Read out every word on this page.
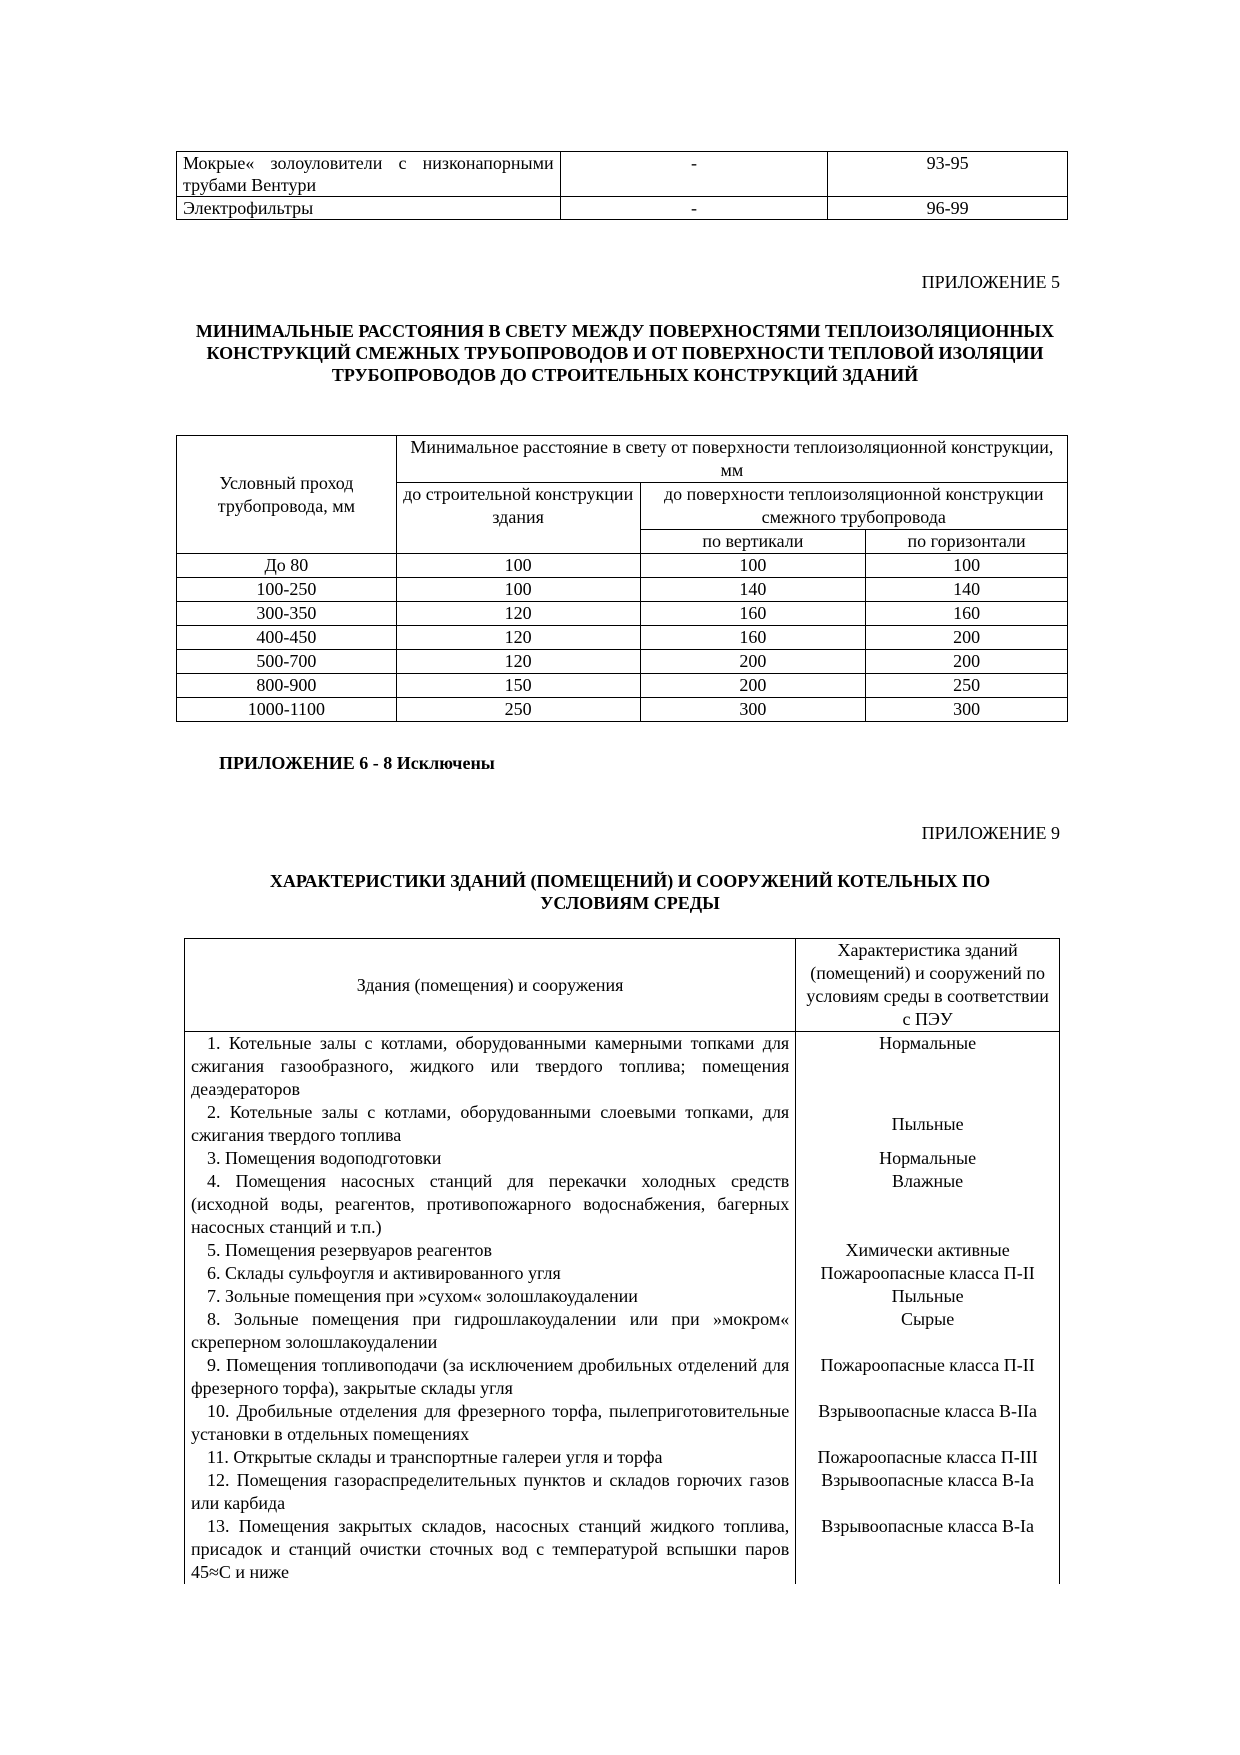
Мокрые« золоуловители с низконапорными трубами Вентури	-	93-95
Электрофильтры	-	96-99
ПРИЛОЖЕНИЕ 5
МИНИМАЛЬНЫЕ РАССТОЯНИЯ В СВЕТУ МЕЖДУ ПОВЕРХНОСТЯМИ ТЕПЛОИЗОЛЯЦИОННЫХ КОНСТРУКЦИЙ СМЕЖНЫХ ТРУБОПРОВОДОВ И ОТ ПОВЕРХНОСТИ ТЕПЛОВОЙ ИЗОЛЯЦИИ ТРУБОПРОВОДОВ ДО СТРОИТЕЛЬНЫХ КОНСТРУКЦИЙ ЗДАНИЙ
Условный проход трубопровода, мм	Минимальное расстояние в свету от поверхности теплоизоляционной конструкции, мм		
	до строительной конструкции здания	до поверхности теплоизоляционной конструкции смежного трубопровода	
		по вертикали	по горизонтали
До 80	100	100	100
100-250	100	140	140
300-350	120	160	160
400-450	120	160	200
500-700	120	200	200
800-900	150	200	250
1000-1100	250	300	300
ПРИЛОЖЕНИЕ 6 - 8 Исключены
ПРИЛОЖЕНИЕ 9
ХАРАКТЕРИСТИКИ ЗДАНИЙ (ПОМЕЩЕНИЙ) И СООРУЖЕНИЙ КОТЕЛЬНЫХ ПО УСЛОВИЯМ СРЕДЫ
Здания (помещения) и сооружения	Характеристика зданий (помещений) и сооружений по условиям среды в соответствии с ПЭУ
1. Котельные залы с котлами, оборудованными камерными топками для сжигания газообразного, жидкого или твердого топлива; помещения деаэдераторов	Нормальные
2. Котельные залы с котлами, оборудованными слоевыми топками, для сжигания твердого топлива	Пыльные
3. Помещения водоподготовки	Нормальные
4. Помещения насосных станций для перекачки холодных средств (исходной воды, реагентов, противопожарного водоснабжения, багерных насосных станций и т.п.)	Влажные
5. Помещения резервуаров реагентов	Химически активные
6. Склады сульфоугля и активированного угля	Пожароопасные класса П-II
7. Зольные помещения при »сухом« золошлакоудалении	Пыльные
8. Зольные помещения при гидрошлакоудалении или при »мокром« скреперном золошлакоудалении	Сырые
9. Помещения топливоподачи (за исключением дробильных отделений для фрезерного торфа), закрытые склады угля	Пожароопасные класса П-II
10. Дробильные отделения для фрезерного торфа, пылеприготовительные установки в отдельных помещениях	Взрывоопасные класса В-IIа
11. Открытые склады и транспортные галереи угля и торфа	Пожароопасные класса П-III
12. Помещения газораспределительных пунктов и складов горючих газов или карбида	Взрывоопасные класса В-Iа
13. Помещения закрытых складов, насосных станций жидкого топлива, присадок и станций очистки сточных вод с температурой вспышки паров 45≈С и ниже	Взрывоопасные класса В-Iа
